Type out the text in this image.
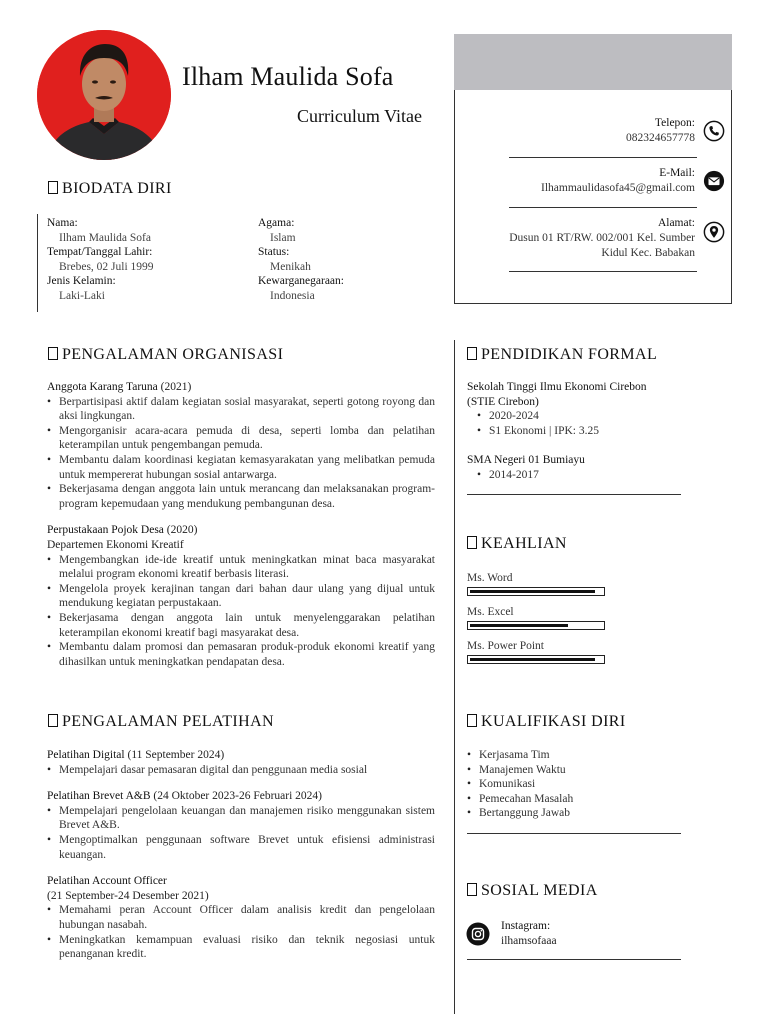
Ilham Maulida Sofa
Curriculum Vitae	Telepon:
082324657778
E-Mail:
Ilhammaulidasofa45@gmail.com
Alamat:
Dusun 01 RT/RW. 002/001 Kel. Sumber
Kidul Kec. Babakan
BIODATA DIRI
Nama:
Ilham Maulida Sofa
Tempat/Tanggal Lahir:
Brebes, 02 Juli 1999
Jenis Kelamin:
Laki-Laki
Agama:
Islam
Status:
Menikah
Kewarganegaraan:
Indonesia
PENGALAMAN ORGANISASI
Anggota Karang Taruna (2021)
• Berpartisipasi aktif dalam kegiatan sosial masyarakat, seperti gotong royong dan aksi lingkungan.
• Mengorganisir acara-acara pemuda di desa, seperti lomba dan pelatihan keterampilan untuk pengembangan pemuda.
• Membantu dalam koordinasi kegiatan kemasyarakatan yang melibatkan pemuda untuk mempererat hubungan sosial antarwarga.
• Bekerjasama dengan anggota lain untuk merancang dan melaksanakan program-program kepemudaan yang mendukung pembangunan desa.
Perpustakaan Pojok Desa (2020)
Departemen Ekonomi Kreatif
• Mengembangkan ide-ide kreatif untuk meningkatkan minat baca masyarakat melalui program ekonomi kreatif berbasis literasi.
• Mengelola proyek kerajinan tangan dari bahan daur ulang yang dijual untuk mendukung kegiatan perpustakaan.
• Bekerjasama dengan anggota lain untuk menyelenggarakan pelatihan keterampilan ekonomi kreatif bagi masyarakat desa.
• Membantu dalam promosi dan pemasaran produk-produk ekonomi kreatif yang dihasilkan untuk meningkatkan pendapatan desa.
PENGALAMAN PELATIHAN
Pelatihan Digital (11 September 2024)
• Mempelajari dasar pemasaran digital dan penggunaan media sosial
Pelatihan Brevet A&B (24 Oktober 2023-26 Februari 2024)
• Mempelajari pengelolaan keuangan dan manajemen risiko menggunakan sistem Brevet A&B.
• Mengoptimalkan penggunaan software Brevet untuk efisiensi administrasi keuangan.
Pelatihan Account Officer
(21 September-24 Desember 2021)
• Memahami peran Account Officer dalam analisis kredit dan pengelolaan hubungan nasabah.
• Meningkatkan kemampuan evaluasi risiko dan teknik negosiasi untuk penanganan kredit.
PENDIDIKAN FORMAL
Sekolah Tinggi Ilmu Ekonomi Cirebon
(STIE Cirebon)
• 2020-2024
• S1 Ekonomi | IPK: 3.25
SMA Negeri 01 Bumiayu
• 2014-2017
KEAHLIAN
Ms. Word
Ms. Excel
Ms. Power Point
KUALIFIKASI DIRI
• Kerjasama Tim
• Manajemen Waktu
• Komunikasi
• Pemecahan Masalah
• Bertanggung Jawab
SOSIAL MEDIA
Instagram:
ilhamsofaaa
